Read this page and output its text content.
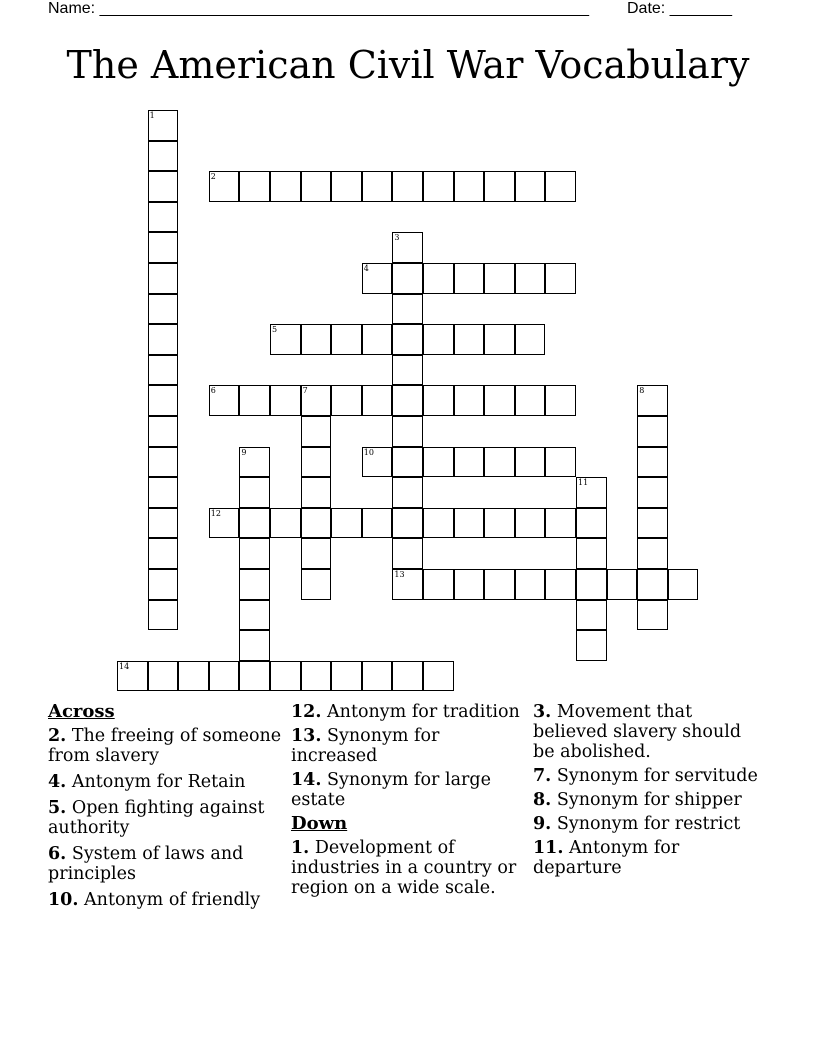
Name: _______________________________________________________ Date: _______
The American Civil War Vocabulary
1
2
3
13
4
5
6	7	8
9	10
11
12
14
Across
2. The freeing of someone from slavery
4. Antonym for Retain
5. Open fighting against authority
6. System of laws and principles
10. Antonym of friendly
12. Antonym for tradition
13. Synonym for increased
14. Synonym for large estate
Down
1. Development of industries in a country or region on a wide scale.
3. Movement that believed slavery should be abolished.
7. Synonym for servitude
8. Synonym for shipper
9. Synonym for restrict
11. Antonym for departure
